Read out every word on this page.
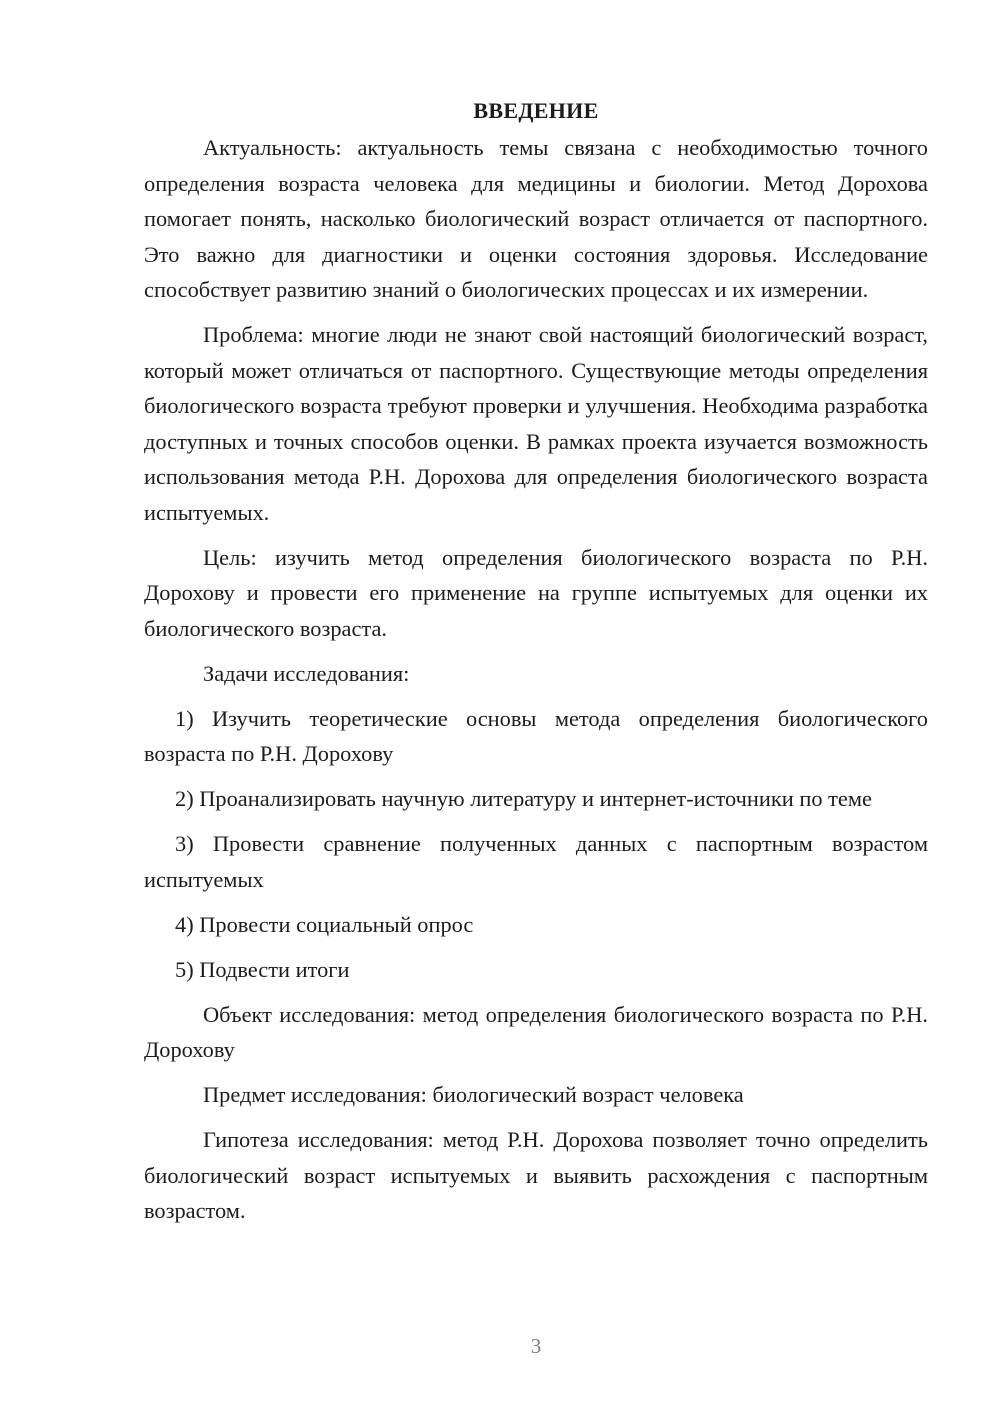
ВВЕДЕНИЕ

Актуальность: актуальность темы связана с необходимостью точного определения возраста человека для медицины и биологии. Метод Дорохова помогает понять, насколько биологический возраст отличается от паспортного. Это важно для диагностики и оценки состояния здоровья. Исследование способствует развитию знаний о биологических процессах и их измерении.

Проблема: многие люди не знают свой настоящий биологический возраст, который может отличаться от паспортного. Существующие методы определения биологического возраста требуют проверки и улучшения. Необходима разработка доступных и точных способов оценки. В рамках проекта изучается возможность использования метода Р.Н. Дорохова для определения биологического возраста испытуемых.

Цель: изучить метод определения биологического возраста по Р.Н. Дорохову и провести его применение на группе испытуемых для оценки их биологического возраста.

Задачи исследования:

1) Изучить теоретические основы метода определения биологического возраста по Р.Н. Дорохову
2) Проанализировать научную литературу и интернет-источники по теме
3) Провести сравнение полученных данных с паспортным возрастом испытуемых
4) Провести социальный опрос
5) Подвести итоги

Объект исследования: метод определения биологического возраста по Р.Н. Дорохову

Предмет исследования: биологический возраст человека

Гипотеза исследования: метод Р.Н. Дорохова позволяет точно определить биологический возраст испытуемых и выявить расхождения с паспортным возрастом.

3
